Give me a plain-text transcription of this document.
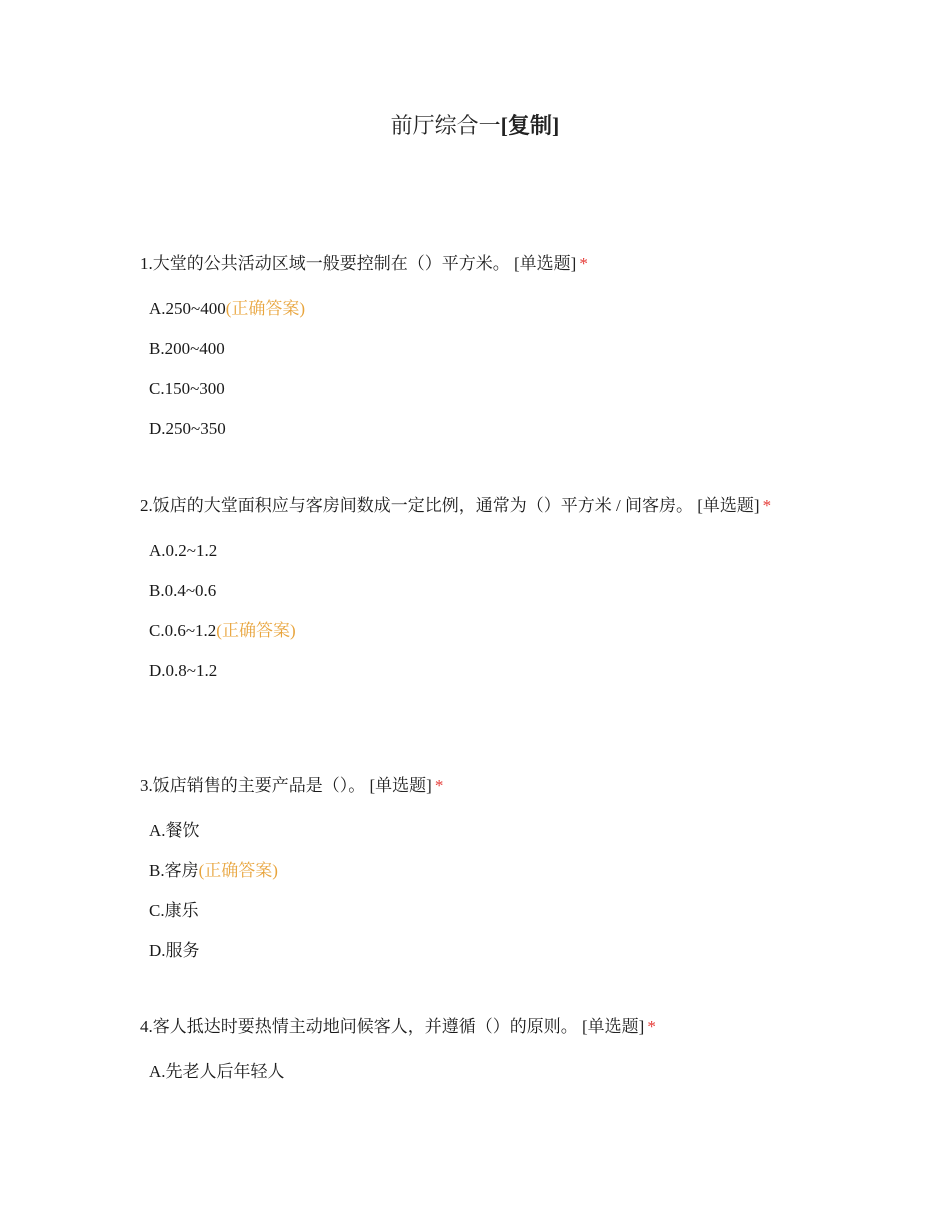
前厅综合一[复制]

1.大堂的公共活动区域一般要控制在（）平方米。 [单选题] *

A.250~400(正确答案)
B.200~400
C.150~300
D.250~350

2.饭店的大堂面积应与客房间数成一定比例，通常为（）平方米 / 间客房。 [单选题] *

A.0.2~1.2
B.0.4~0.6
C.0.6~1.2(正确答案)
D.0.8~1.2

3.饭店销售的主要产品是（）。 [单选题] *

A.餐饮
B.客房(正确答案)
C.康乐
D.服务

4.客人抵达时要热情主动地问候客人，并遵循（）的原则。 [单选题] *

A.先老人后年轻人
